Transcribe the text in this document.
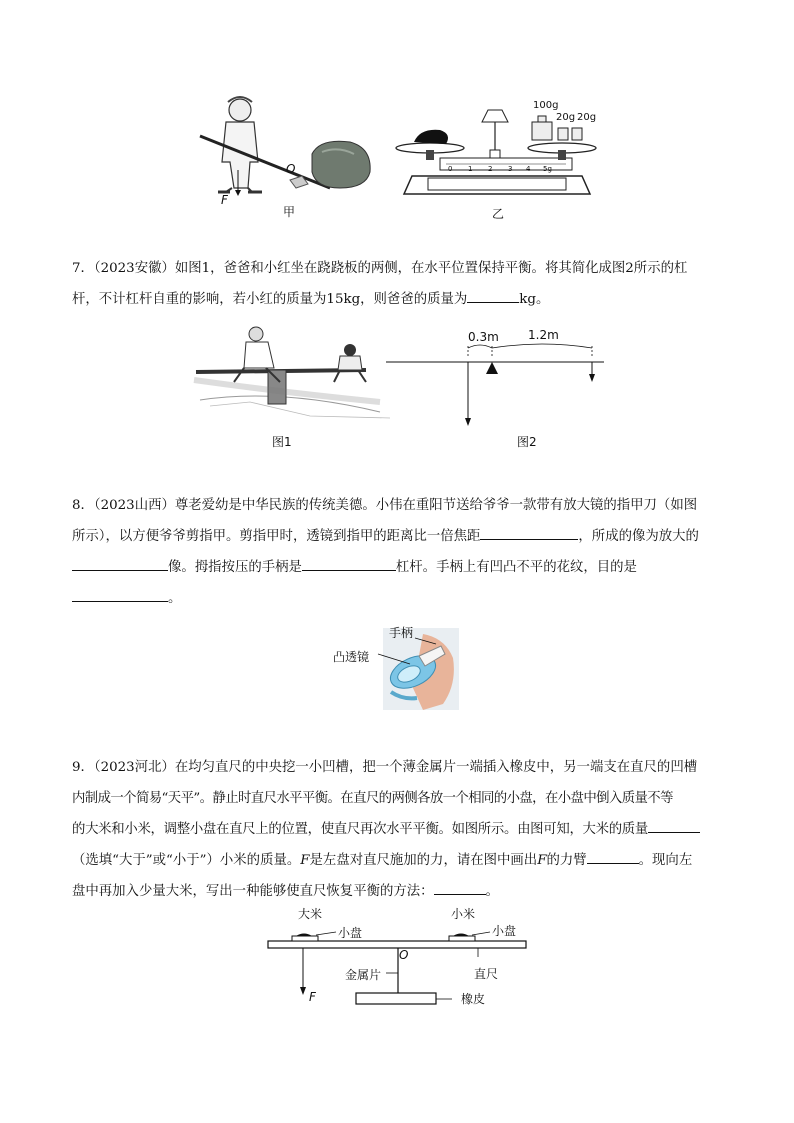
O
F
100g
20g 20g
0 1 2 3 4 5g
甲	乙
7．（2023安徽）如图1，爸爸和小红坐在跷跷板的两侧，在水平位置保持平衡。将其简化成图2所示的杠
杆，不计杠杆自重的影响，若小红的质量为15kg，则爸爸的质量为	kg。
0.3m 1.2m
图1	图2
8．（2023山西）尊老爱幼是中华民族的传统美德。小伟在重阳节送给爷爷一款带有放大镜的指甲刀（如图
所示），以方便爷爷剪指甲。剪指甲时，透镜到指甲的距离比一倍焦距	，所成的像为放大的
像。拇指按压的手柄是	杠杆。手柄上有凹凸不平的花纹，目的是
。
手柄
凸透镜
9．（2023河北）在均匀直尺的中央挖一小凹槽，把一个薄金属片一端插入橡皮中，另一端支在直尺的凹槽
内制成一个简易“天平”。静止时直尺水平平衡。在直尺的两侧各放一个相同的小盘，在小盘中倒入质量不等
的大米和小米，调整小盘在直尺上的位置，使直尺再次水平平衡。如图所示。由图可知，大米的质量
（选填“大于”或“小于”）小米的质量。F是左盘对直尺施加的力，请在图中画出F的力臂	。现向左
盘中再加入少量大米，写出一种能够使直尺恢复平衡的方法：	。
大米	小米
小盘	小盘
O
金属片	直尺
橡皮
F
